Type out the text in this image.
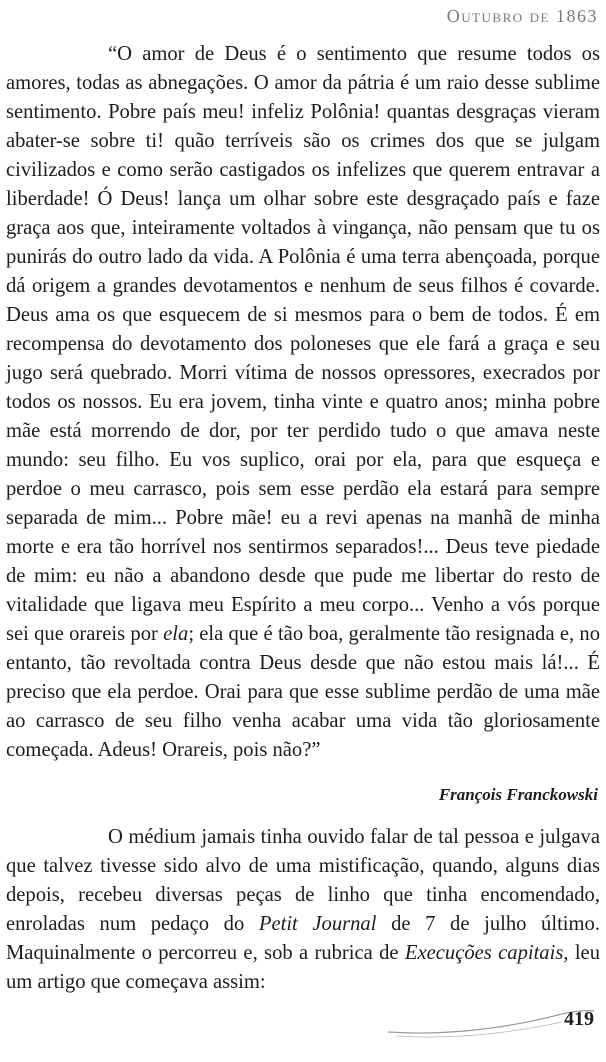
Outubro de 1863

“O amor de Deus é o sentimento que resume todos os amores, todas as abnegações. O amor da pátria é um raio desse sublime sentimento. Pobre país meu! infeliz Polônia! quantas desgraças vieram abater-se sobre ti! quão terríveis são os crimes dos que se julgam civilizados e como serão castigados os infelizes que querem entravar a liberdade! Ó Deus! lança um olhar sobre este desgraçado país e faze graça aos que, inteiramente voltados à vingança, não pensam que tu os punirás do outro lado da vida. A Polônia é uma terra abençoada, porque dá origem a grandes devotamentos e nenhum de seus filhos é covarde. Deus ama os que esquecem de si mesmos para o bem de todos. É em recompensa do devotamento dos poloneses que ele fará a graça e seu jugo será quebrado. Morri vítima de nossos opressores, execrados por todos os nossos. Eu era jovem, tinha vinte e quatro anos; minha pobre mãe está morrendo de dor, por ter perdido tudo o que amava neste mundo: seu filho. Eu vos suplico, orai por ela, para que esqueça e perdoe o meu carrasco, pois sem esse perdão ela estará para sempre separada de mim... Pobre mãe! eu a revi apenas na manhã de minha morte e era tão horrível nos sentirmos separados!... Deus teve piedade de mim: eu não a abandono desde que pude me libertar do resto de vitalidade que ligava meu Espírito a meu corpo... Venho a vós porque sei que orareis por ela; ela que é tão boa, geralmente tão resignada e, no entanto, tão revoltada contra Deus desde que não estou mais lá!... É preciso que ela perdoe. Orai para que esse sublime perdão de uma mãe ao carrasco de seu filho venha acabar uma vida tão gloriosamente começada. Adeus! Orareis, pois não?”

François Franckowski

O médium jamais tinha ouvido falar de tal pessoa e julgava que talvez tivesse sido alvo de uma mistificação, quando, alguns dias depois, recebeu diversas peças de linho que tinha encomendado, enroladas num pedaço do Petit Journal de 7 de julho último. Maquinalmente o percorreu e, sob a rubrica de Execuções capitais, leu um artigo que começava assim:

419
